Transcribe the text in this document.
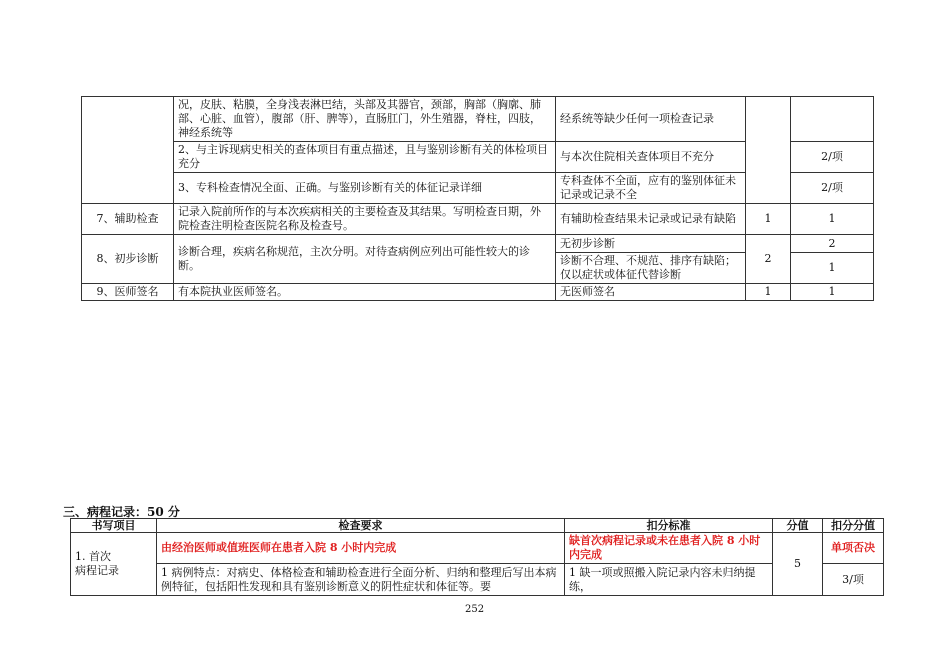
	况，皮肤、粘膜，全身浅表淋巴结，头部及其器官，颈部，胸部（胸廓、肺部、心脏、血管），腹部（肝、脾等），直肠肛门，外生殖器，脊柱，四肢，神经系统等	经系统等缺少任何一项检查记录		
	2、与主诉现病史相关的查体项目有重点描述，且与鉴别诊断有关的体检项目充分	与本次住院相关查体项目不充分		2/项
	3、专科检查情况全面、正确。与鉴别诊断有关的体征记录详细	专科查体不全面，应有的鉴别体征未记录或记录不全		2/项
7、辅助检查	记录入院前所作的与本次疾病相关的主要检查及其结果。写明检查日期，外院检查注明检查医院名称及检查号。	有辅助检查结果未记录或记录有缺陷	1	1
8、初步诊断	诊断合理，疾病名称规范，主次分明。对待查病例应列出可能性较大的诊断。	无初步诊断	2	2
		诊断不合理、不规范、排序有缺陷；仅以症状或体征代替诊断		1
9、医师签名	有本院执业医师签名。	无医师签名	1	1
三、病程记录：50 分
书写项目	检查要求	扣分标准	分值	扣分分值
1. 首次
病程记录	由经治医师或值班医师在患者入院 8 小时内完成	缺首次病程记录或未在患者入院 8 小时内完成	5	单项否决
	1 病例特点：对病史、体格检查和辅助检查进行全面分析、归纳和整理后写出本病例特征，包括阳性发现和具有鉴别诊断意义的阴性症状和体征等。要	1 缺一项或照搬入院记录内容未归纳提练，		3/项
252
